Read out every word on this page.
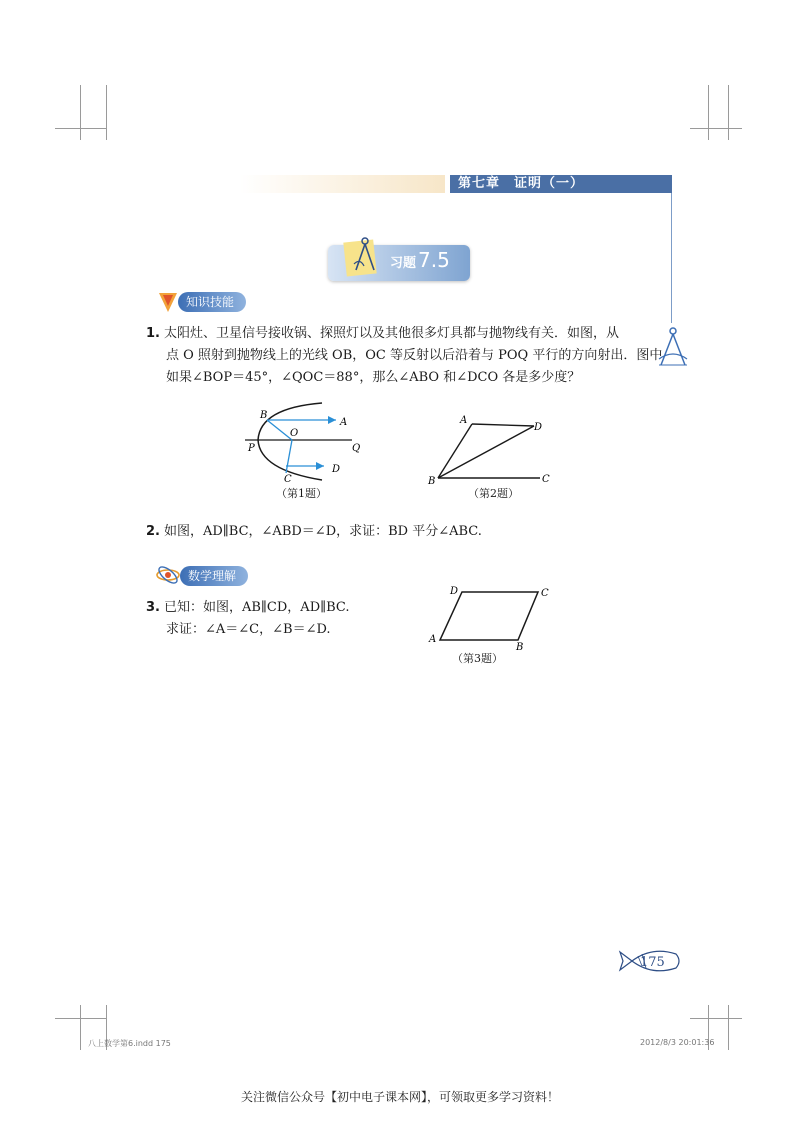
第七章　证明（一）
习题 7.5
知识技能
1. 太阳灶、卫星信号接收锅、探照灯以及其他很多灯具都与抛物线有关．如图，从
点 O 照射到抛物线上的光线 OB，OC 等反射以后沿着与 POQ 平行的方向射出．图中
如果∠BOP＝45°，∠QOC＝88°，那么∠ABO 和∠DCO 各是多少度？
B
A
O
P	Q
C
D
（第1题）
A
D
B	C
（第2题）
2. 如图，AD∥BC，∠ABD＝∠D，求证：BD 平分∠ABC.
数学理解
3. 已知：如图，AB∥CD，AD∥BC.
求证：∠A＝∠C，∠B＝∠D.
D	C
A
B
（第3题）
175
八上数学第6.indd 175	2012/8/3 20:01:36
关注微信公众号【初中电子课本网】，可领取更多学习资料！
